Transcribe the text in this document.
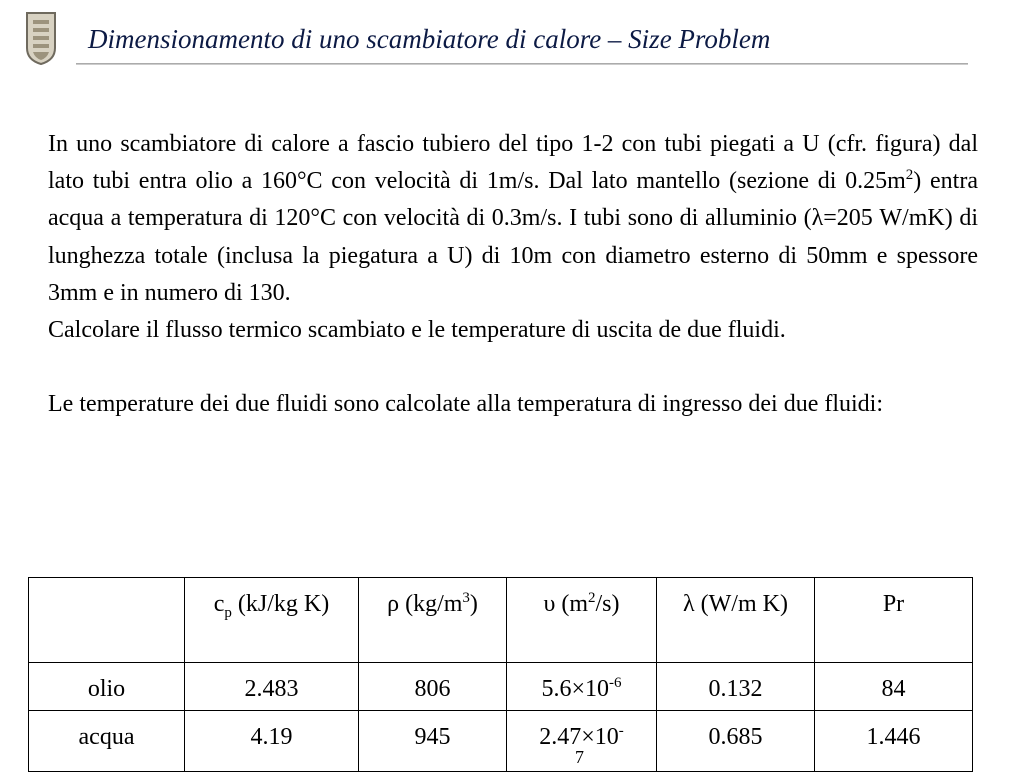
Dimensionamento di uno scambiatore di calore – Size Problem

In uno scambiatore di calore a fascio tubiero del tipo 1-2 con tubi piegati a U (cfr. figura) dal lato tubi entra olio a 160°C con velocità di 1m/s. Dal lato mantello (sezione di $0.25m^2$) entra acqua a temperatura di 120°C con velocità di 0.3m/s. I tubi sono di alluminio (λ=205 W/mK) di lunghezza totale (inclusa la piegatura a U) di 10m con diametro esterno di 50mm e spessore 3mm e in numero di 130.

Calcolare il flusso termico scambiato e le temperature di uscita de due fluidi.

Le temperature dei due fluidi sono calcolate alla temperatura di ingresso dei due fluidi:

	$c_p$ (kJ/kg K)	ρ $(kg/m^3)$	υ $(m^2/s)$	λ (W/m K)	Pr
olio	2.483	806	$5.6\times 10^{-6}$	0.132	84
acqua	4.19	945	2.47×10-	0.685	1.446
7
